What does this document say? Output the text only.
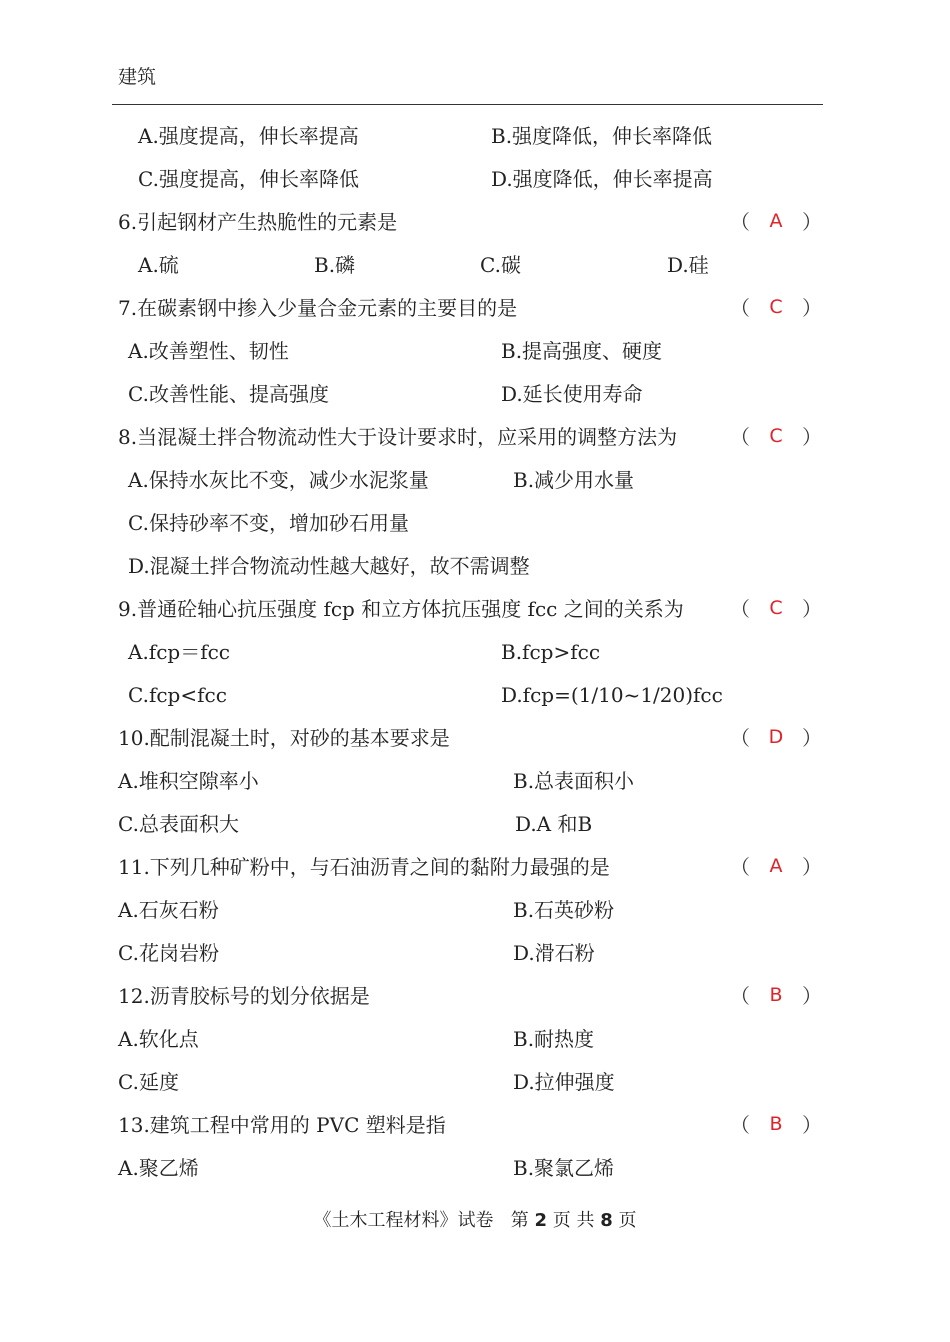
建筑
A.强度提高，伸长率提高	B.强度降低，伸长率降低
C.强度提高，伸长率降低	D.强度降低，伸长率提高
6.引起钢材产生热脆性的元素是	（ A ）
A.硫	B.磷	C.碳	D.硅
7.在碳素钢中掺入少量合金元素的主要目的是	（ C ）
A.改善塑性、韧性	B.提高强度、硬度
C.改善性能、提高强度	D.延长使用寿命
8.当混凝土拌合物流动性大于设计要求时，应采用的调整方法为	（ C ）
A.保持水灰比不变，减少水泥浆量	B.减少用水量
C.保持砂率不变，增加砂石用量
D.混凝土拌合物流动性越大越好，故不需调整
9.普通砼轴心抗压强度 fcp 和立方体抗压强度 fcc 之间的关系为 （ C ）
A.fcp＝fcc	B.fcp>fcc
C.fcp<fcc	D.fcp=(1/10~1/20)fcc
10.配制混凝土时，对砂的基本要求是	（ D ）
A.堆积空隙率小	B.总表面积小
C.总表面积大	D.A 和B
11.下列几种矿粉中，与石油沥青之间的黏附力最强的是	（ A ）
A.石灰石粉	B.石英砂粉
C.花岗岩粉	D.滑石粉
12.沥青胶标号的划分依据是	（ B ）
A.软化点	B.耐热度
C.延度	D.拉伸强度
13.建筑工程中常用的 PVC 塑料是指	（ B ）
A.聚乙烯	B.聚氯乙烯
《土木工程材料》试卷 第 2 页 共 8 页
